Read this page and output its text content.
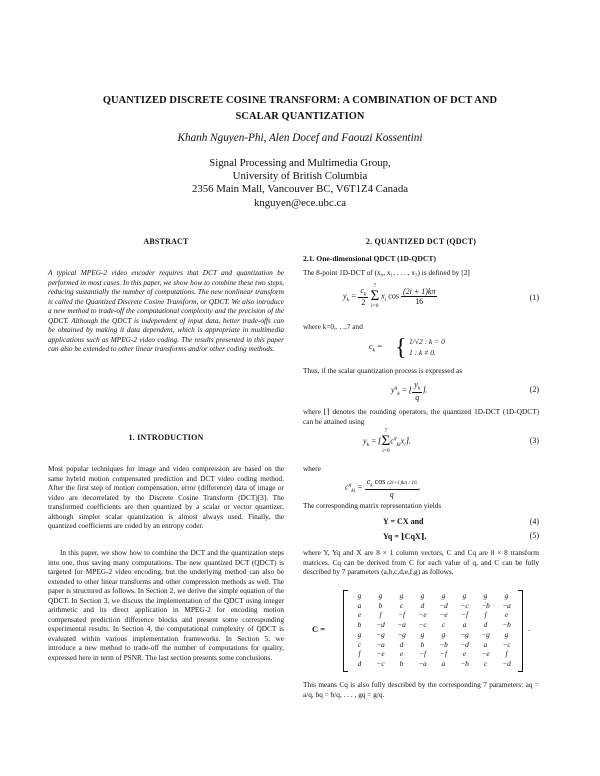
QUANTIZED DISCRETE COSINE TRANSFORM: A COMBINATION OF DCT AND
SCALAR QUANTIZATION
Khanh Nguyen-Phi, Alen Docef and Faouzi Kossentini
Signal Processing and Multimedia Group,
University of British Columbia
2356 Main Mall, Vancouver BC, V6T1Z4 Canada
knguyen@ece.ubc.ca
ABSTRACT

A typical MPEG-2 video encoder requires that DCT and quantization be performed in most cases. In this paper, we show how to combine these two steps, reducing sustantially the number of computations. The new nonlinear transform is called the Quantized Discrete Cosine Transform, or QDCT. We also introduce a new method to trade-off the computational complexity and the precision of the QDCT. Although the QDCT is independent of input data, better trade-offs can be obtained by making it data dependent, which is appropriate in multimedia applications such as MPEG-2 video coding. The results presented in this paper can also be extended to other linear transforms and/or other coding methods.

1. INTRODUCTION

Most popular techniques for image and video compression are based on the same hybrid motion compensated prediction and DCT video coding method. After the first step of motion compensation, error (difference) data of image or video are decorrelated by the Discrete Cosine Transform (DCT)[3]. The transformed coefficients are then quantized by a scalar or vector quantizer, although simpler scalar quantization is almost always used. Finally, the quantized coefficients are coded by an entropy coder.

In this paper, we show how to combine the DCT and the quantization steps into one, thus saving many computations. The new quantized DCT (QDCT) is targeted for MPEG-2 video encoding, but the underlying method can also be extended to other linear transforms and other compression methods as well. The paper is structured as follows. In Section 2, we derive the simple equation of the QDCT. In Section 3, we discuss the implementation of the QDCT using integer arithmetic and its direct application in MPEG-2 for encoding motion compensated prediction difference blocks and present some corresponding experimental results. In Section 4, the computational complexity of QDCT is evaluated within various implementation frameworks. In Section 5, we introduce a new method to trade-off the number of computations for quality, expressed here in term of PSNR. The last section presents some conclusions.

2. QUANTIZED DCT (QDCT)
2.1. One-dimensional QDCT (1D-QDCT)

The 8-point 1D-DCT of (x₀, x₁, . . . , x₇) is defined by [2]

$y_k = \frac{c_k}{2}$
7
Σ
i=0
$x_i$ $\cos \frac{(2i + 1)k\pi}{16}$	(1)

where k=0,. . .,7 and

$c_k$ = { 1/√2 : k = 0
1 : k ≠ 0.

Thus, if the scalar quantization process is expressed as

$y^q_k$ = ⌊ $\frac{y_k}{q}$ ⌉.	(2)

where ⌊⌉ denotes the rounding operators, the quantized 1D-DCT (1D-QDCT) can be attained using

$y_k$ = ⌊
7
Σ
i=0
$c^q_{ki}x_i⌉$.	(3)

where

$c^q_{ki} = \frac{c_k \cos (2i+1)k\pi / 16}{q}$ .

The corresponding matrix representation yields

Y = CX and	(4)
Yq = ⌊CqX⌉.	(5)

where Y, Yq and X are 8 × 1 column vectors, C and Cq are 8 × 8 transform matrices. Cq can be derived from C for each value of q, and C can be fully described by 7 parameters (a,b,c,d,e,f,g) as follows,

C =
g	g	g	g	g	g	g	g
a	b	c	d	−d	−c	−b	−a
e	f	−f	−e	−e	−f	f	e
b	−d	−a	−c	c	a	d	−b
g	−g	−g	g	g	−g	−g	g
c	−a	d	b	−b	−d	a	−c
f	−e	e	−f	−f	e	−e	f
d	−c	b	−a	a	−b	c	−d
.

This means Cq is also fully described by the corresponding 7 parameters: aq = a/q, bq = b/q, . . . , gq = g/q.
